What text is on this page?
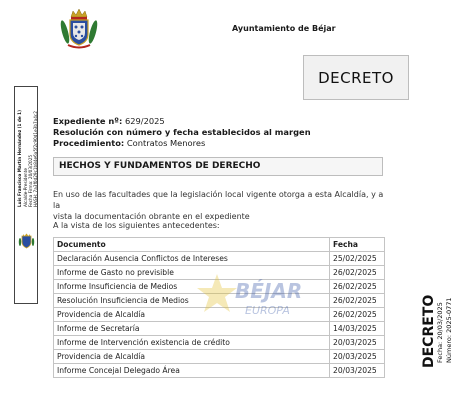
Ayuntamiento de Béjar
DECRETO
Expediente nº: 629/2025
Resolución con número y fecha establecidos al margen
Procedimiento: Contratos Menores
HECHOS Y FUNDAMENTOS DE DERECHO
En uso de las facultades que la legislación local vigente otorga a esta Alcaldía, y a la
vista la documentación obrante en el expediente
A la vista de los siguientes antecedentes:
Documento	Fecha
Declaración Ausencia Conflictos de Intereses	25/02/2025
Informe de Gasto no previsible	26/02/2025
Informe Insuficiencia de Medios	26/02/2025
Resolución Insuficiencia de Medios	26/02/2025
Providencia de Alcaldía	26/02/2025
Informe de Secretaría	14/03/2025
Informe de Intervención existencia de crédito	20/03/2025
Providencia de Alcaldía	20/03/2025
Informe Concejal Delegado Área	20/03/2025
BÉJAR
EUROPA
Luis Francisco Martín Hernández (1 de 1) Alcalde-Presidente Fecha Firma: 20/03/2025 HASH: 7a3f0d29c1b84e6a5f2c90d1e3b7a4c2
DECRETO Fecha: 20/03/2025 Número: 2025-0771
